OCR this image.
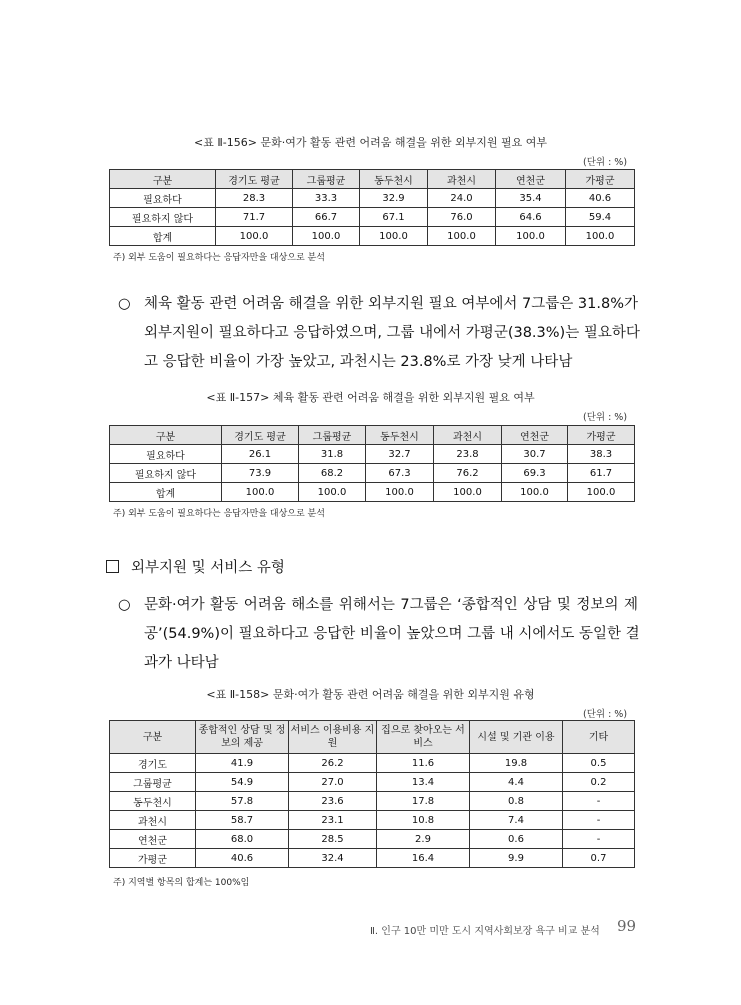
<표 Ⅱ-156> 문화·여가 활동 관련 어려움 해결을 위한 외부지원 필요 여부
(단위 : %)
구분	경기도 평균	그룹평균	동두천시	과천시	연천군	가평군
필요하다	28.3	33.3	32.9	24.0	35.4	40.6
필요하지 않다	71.7	66.7	67.1	76.0	64.6	59.4
합계	100.0	100.0	100.0	100.0	100.0	100.0
주) 외부 도움이 필요하다는 응답자만을 대상으로 분석
○ 체육 활동 관련 어려움 해결을 위한 외부지원 필요 여부에서 7그룹은 31.8%가
외부지원이 필요하다고 응답하였으며, 그룹 내에서 가평군(38.3%)는 필요하다
고 응답한 비율이 가장 높았고, 과천시는 23.8%로 가장 낮게 나타남
<표 Ⅱ-157> 체육 활동 관련 어려움 해결을 위한 외부지원 필요 여부
(단위 : %)
구분	경기도 평균	그룹평균	동두천시	과천시	연천군	가평군
필요하다	26.1	31.8	32.7	23.8	30.7	38.3
필요하지 않다	73.9	68.2	67.3	76.2	69.3	61.7
합계	100.0	100.0	100.0	100.0	100.0	100.0
주) 외부 도움이 필요하다는 응답자만을 대상으로 분석
외부지원 및 서비스 유형
○ 문화·여가 활동 어려움 해소를 위해서는 7그룹은 ‘종합적인 상담 및 정보의 제
공’(54.9%)이 필요하다고 응답한 비율이 높았으며 그룹 내 시에서도 동일한 결
과가 나타남
<표 Ⅱ-158> 문화·여가 활동 관련 어려움 해결을 위한 외부지원 유형
(단위 : %)
구분	종합적인 상담 및 정보의 제공	서비스 이용비용 지원	집으로 찾아오는 서비스	시설 및 기관 이용	기타
경기도	41.9	26.2	11.6	19.8	0.5
그룹평균	54.9	27.0	13.4	4.4	0.2
동두천시	57.8	23.6	17.8	0.8	-
과천시	58.7	23.1	10.8	7.4	-
연천군	68.0	28.5	2.9	0.6	-
가평군	40.6	32.4	16.4	9.9	0.7
주) 지역별 항목의 합계는 100%임
Ⅱ. 인구 10만 미만 도시 지역사회보장 욕구 비교 분석 99
